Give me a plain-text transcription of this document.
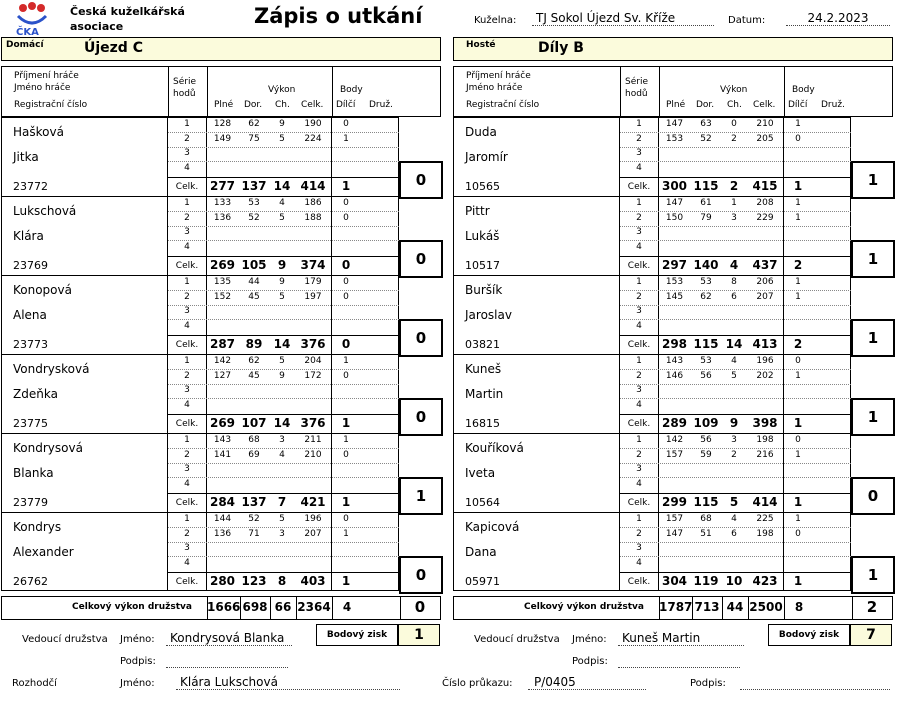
ČKA
Česká kuželkářská
asociace	Zápis o utkání	Kuželna:	TJ Sokol Újezd Sv. Kříže	Datum:	24.2.2023
Domácí	Újezd C	Hosté	Díly B
Příjmení hráče
Jméno hráče
Registrační číslo
Série
hodů	Výkon
Plné Dor. Ch. Celk.
Body
Dílčí Druž.
Příjmení hráče
Jméno hráče
Registrační číslo
Série
hodů	Výkon
Plné Dor. Ch. Celk.
Body
Dílčí Druž.
Hašková
Jitka
23772
1	128	62	9	190	0
2	149	75	5	224	1
3
4
Celk. 277 137 14 414	1	0
Lukschová
Klára
23769
1	133	53	4	186	0
2	136	52	5	188	0
3
4
Celk. 269 105 9	374	0	0
Konopová
Alena
23773
1	135	44	9	179	0
2	152	45	5	197	0
3
4
Celk. 287 89 14 376	0	0
Vondrysková
Zdeňka
23775
1	142	62	5	204	1
2	127	45	9	172	0
3
4
Celk. 269 107 14 376	1	0
Kondrysová
Blanka
23779
1	143	68	3	211	1
2	141	69	4	210	0
3
4
Celk. 284 137 7	421	1	1
Kondrys
Alexander
26762
1	144	52	5	196	0
2	136	71	3	207	1
3
4
Celk. 280 123 8	403	1	0
Duda
Jaromír
10565
1	147	63	0	210	1
2	153	52	2	205	0
3
4
Celk. 300 115 2	415	1	1
Pittr
Lukáš
10517
1	147	61	1	208	1
2	150	79	3	229	1
3
4
Celk. 297 140 4	437	2	1
Buršík
Jaroslav
03821
1	153	53	8	206	1
2	145	62	6	207	1
3
4
Celk. 298 115 14 413	2	1
Kuneš
Martin
16815
1	143	53	4	196	0
2	146	56	5	202	1
3
4
Celk. 289 109 9	398	1	1
Kouříková
Iveta
10564
1	142	56	3	198	0
2	157	59	2	216	1
3
4
Celk. 299 115 5	414	1	0
Kapicová
Dana
05971
1	157	68	4	225	1
2	147	51	6	198	0
3
4
Celk. 304 119 10 423	1	1
Celkový výkon družstva	1666 698 66 2364	4	0	Celkový výkon družstva	1787 713 44 2500	8	2
Bodový zisk	1	Bodový zisk	7
Vedoucí družstva Jméno:	Kondrysová Blanka
Podpis:
Vedoucí družstva Jméno:	Kuneš Martin
Podpis:
Rozhodčí	Jméno:	Klára Lukschová	Číslo průkazu:	P/0405	Podpis:
